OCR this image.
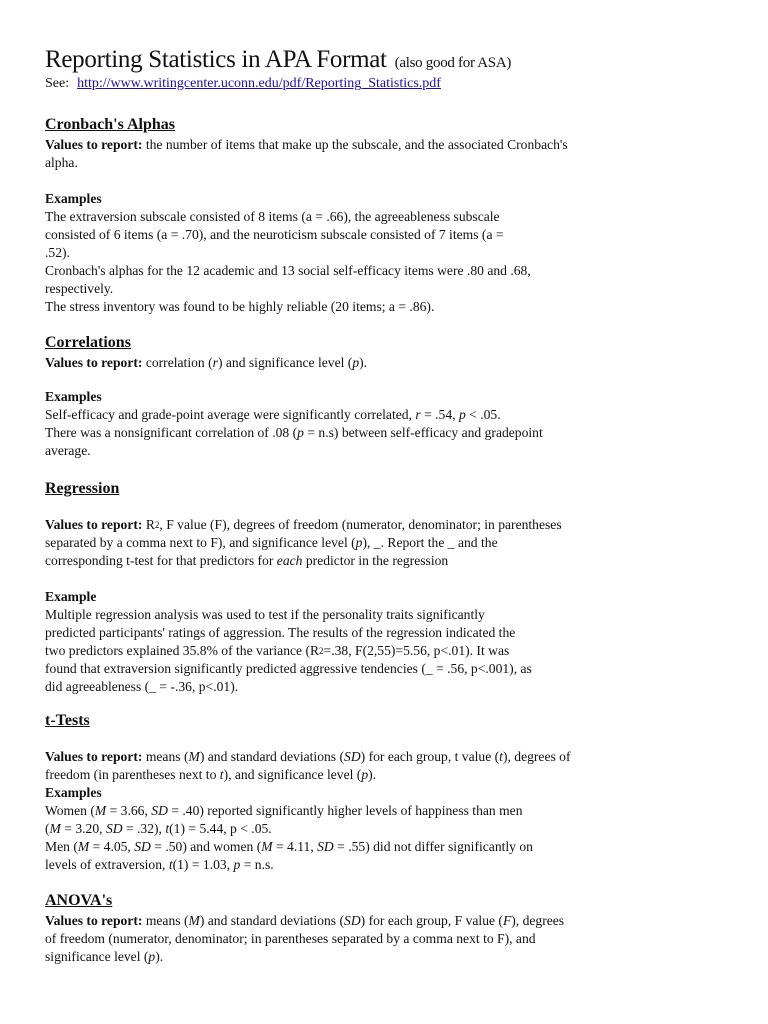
Reporting Statistics in APA Format (also good for ASA)
See: http://www.writingcenter.uconn.edu/pdf/Reporting_Statistics.pdf
Cronbach's Alphas
Values to report: the number of items that make up the subscale, and the associated Cronbach's
alpha.
Examples
The extraversion subscale consisted of 8 items (a = .66), the agreeableness subscale
consisted of 6 items (a = .70), and the neuroticism subscale consisted of 7 items (a =
.52).
Cronbach's alphas for the 12 academic and 13 social self-efficacy items were .80 and .68,
respectively.
The stress inventory was found to be highly reliable (20 items; a = .86).
Correlations
Values to report: correlation (r) and significance level (p).
Examples
Self-efficacy and grade-point average were significantly correlated, r = .54, p < .05.
There was a nonsignificant correlation of .08 (p = n.s) between self-efficacy and gradepoint
average.
Regression
Values to report: $R_2$, F value (F), degrees of freedom (numerator, denominator; in parentheses
separated by a comma next to F), and significance level (p), _. Report the _ and the
corresponding t-test for that predictors for each predictor in the regression
Example
Multiple regression analysis was used to test if the personality traits significantly
predicted participants' ratings of aggression. The results of the regression indicated the
two predictors explained 35.8% of the variance ($R_2=.38$, F(2,55)=5.56, p<.01). It was
found that extraversion significantly predicted aggressive tendencies (_ = .56, p<.001), as
did agreeableness (_ = -.36, p<.01).
t-Tests
Values to report: means (M) and standard deviations (SD) for each group, t value (t), degrees of
freedom (in parentheses next to t), and significance level (p).
Examples
Women (M = 3.66, SD = .40) reported significantly higher levels of happiness than men
(M = 3.20, SD = .32), t(1) = 5.44, p < .05.
Men (M = 4.05, SD = .50) and women (M = 4.11, SD = .55) did not differ significantly on
levels of extraversion, t(1) = 1.03, p = n.s.
ANOVA's
Values to report: means (M) and standard deviations (SD) for each group, F value (F), degrees
of freedom (numerator, denominator; in parentheses separated by a comma next to F), and
significance level (p).
